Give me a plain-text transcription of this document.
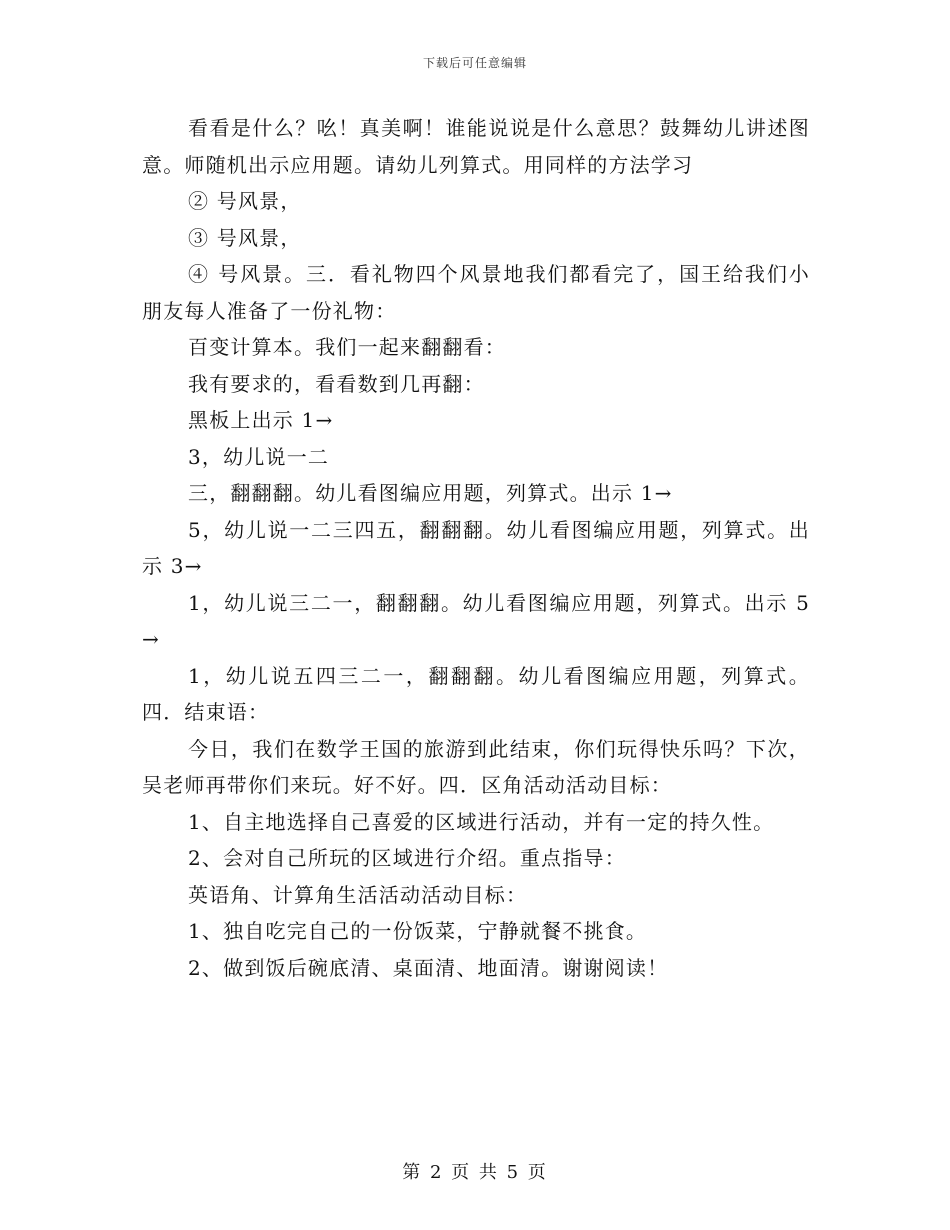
下载后可任意编辑

看看是什么？吆！真美啊！谁能说说是什么意思？鼓舞幼儿讲述图意。师随机出示应用题。请幼儿列算式。用同样的方法学习

② 号风景，

③ 号风景，

④ 号风景。三．看礼物四个风景地我们都看完了，国王给我们小朋友每人准备了一份礼物：

百变计算本。我们一起来翻翻看：

我有要求的，看看数到几再翻：

黑板上出示 1→

3，幼儿说一二

三，翻翻翻。幼儿看图编应用题，列算式。出示 1→

5，幼儿说一二三四五，翻翻翻。幼儿看图编应用题，列算式。出示 3→

1，幼儿说三二一，翻翻翻。幼儿看图编应用题，列算式。出示 5→

1，幼儿说五四三二一，翻翻翻。幼儿看图编应用题，列算式。四．结束语：

今日，我们在数学王国的旅游到此结束，你们玩得快乐吗？下次，吴老师再带你们来玩。好不好。四．区角活动活动目标：

1、自主地选择自己喜爱的区域进行活动，并有一定的持久性。

2、会对自己所玩的区域进行介绍。重点指导：

英语角、计算角生活活动活动目标：

1、独自吃完自己的一份饭菜，宁静就餐不挑食。

2、做到饭后碗底清、桌面清、地面清。谢谢阅读！

第 2 页 共 5 页
